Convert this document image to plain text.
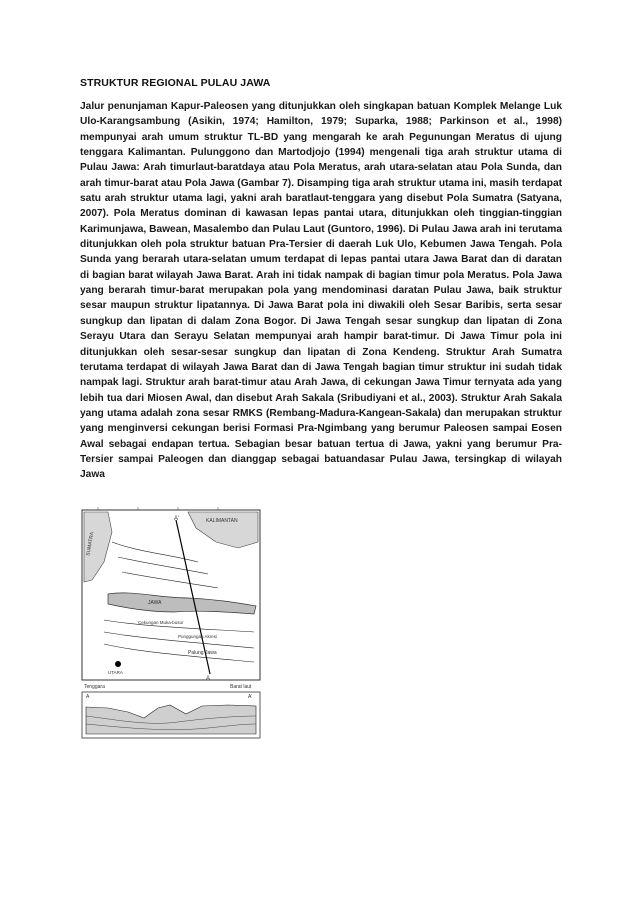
STRUKTUR REGIONAL PULAU JAWA
Jalur penunjaman Kapur-Paleosen yang ditunjukkan oleh singkapan batuan Komplek Melange Luk Ulo-Karangsambung (Asikin, 1974; Hamilton, 1979; Suparka, 1988; Parkinson et al., 1998) mempunyai arah umum struktur TL-BD yang mengarah ke arah Pegunungan Meratus di ujung tenggara Kalimantan. Pulunggono dan Martodjojo (1994) mengenali tiga arah struktur utama di Pulau Jawa: Arah timurlaut-baratdaya atau Pola Meratus, arah utara-selatan atau Pola Sunda, dan arah timur-barat atau Pola Jawa (Gambar 7). Disamping tiga arah struktur utama ini, masih terdapat satu arah struktur utama lagi, yakni arah baratlaut-tenggara yang disebut Pola Sumatra (Satyana, 2007). Pola Meratus dominan di kawasan lepas pantai utara, ditunjukkan oleh tinggian-tinggian Karimunjawa, Bawean, Masalembo dan Pulau Laut (Guntoro, 1996). Di Pulau Jawa arah ini terutama ditunjukkan oleh pola struktur batuan Pra-Tersier di daerah Luk Ulo, Kebumen Jawa Tengah. Pola Sunda yang berarah utara-selatan umum terdapat di lepas pantai utara Jawa Barat dan di daratan di bagian barat wilayah Jawa Barat. Arah ini tidak nampak di bagian timur pola Meratus. Pola Jawa yang berarah timur-barat merupakan pola yang mendominasi daratan Pulau Jawa, baik struktur sesar maupun struktur lipatannya. Di Jawa Barat pola ini diwakili oleh Sesar Baribis, serta sesar sungkup dan lipatan di dalam Zona Bogor. Di Jawa Tengah sesar sungkup dan lipatan di Zona Serayu Utara dan Serayu Selatan mempunyai arah hampir barat-timur. Di Jawa Timur pola ini ditunjukkan oleh sesar-sesar sungkup dan lipatan di Zona Kendeng. Struktur Arah Sumatra terutama terdapat di wilayah Jawa Barat dan di Jawa Tengah bagian timur struktur ini sudah tidak nampak lagi. Struktur arah barat-timur atau Arah Jawa, di cekungan Jawa Timur ternyata ada yang lebih tua dari Miosen Awal, dan disebut Arah Sakala (Sribudiyani et al., 2003). Struktur Arah Sakala yang utama adalah zona sesar RMKS (Rembang-Madura-Kangean-Sakala) dan merupakan struktur yang menginversi cekungan berisi Formasi Pra-Ngimbang yang berumur Paleosen sampai Eosen Awal sebagai endapan tertua. Sebagian besar batuan tertua di Jawa, yakni yang berumur Pra-Tersier sampai Paleogen dan dianggap sebagai batuandasar Pulau Jawa, tersingkap di wilayah Jawa
A'
A
KALIMANTAN
SUMATRA
JAWA
Cekungan Muka-busur
Punggungan Akresi
Palung Jawa
UTARA
Tenggara	Barat laut
A	A'
